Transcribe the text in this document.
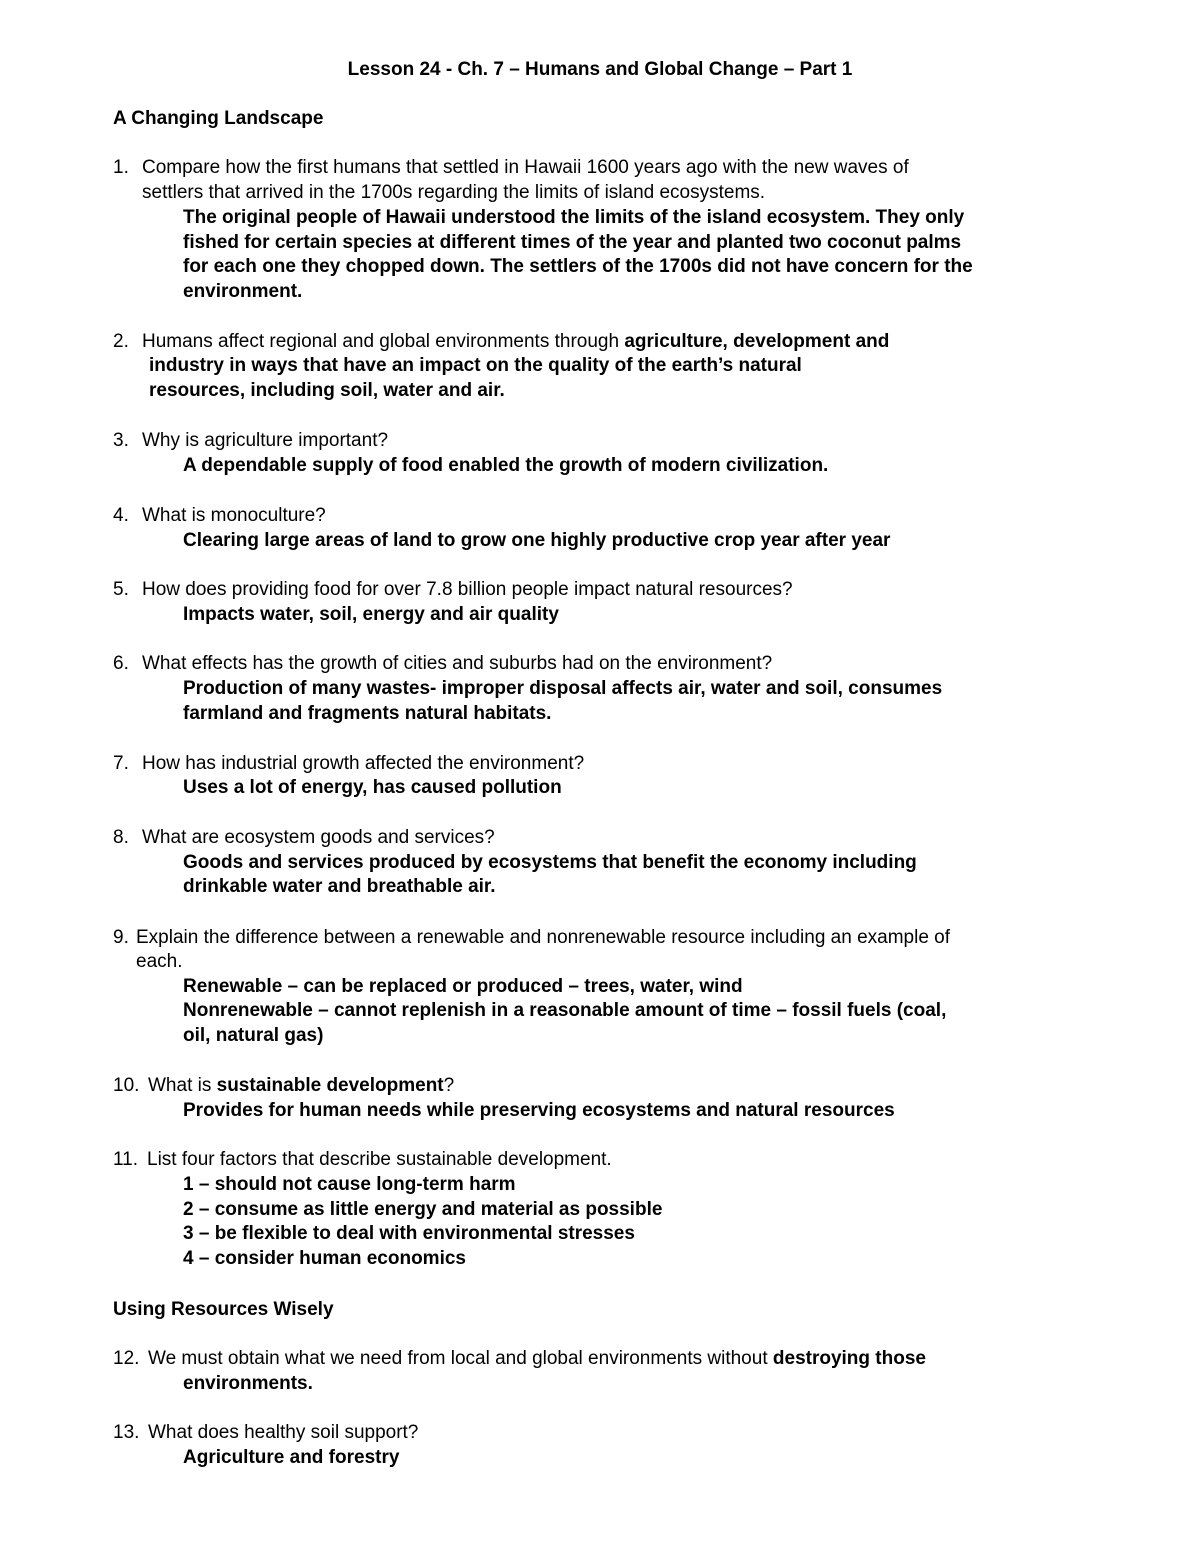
Lesson 24 - Ch. 7 – Humans and Global Change – Part 1
A Changing Landscape
1. Compare how the first humans that settled in Hawaii 1600 years ago with the new waves of
settlers that arrived in the 1700s regarding the limits of island ecosystems.
The original people of Hawaii understood the limits of the island ecosystem. They only
fished for certain species at different times of the year and planted two coconut palms
for each one they chopped down. The settlers of the 1700s did not have concern for the
environment.
2. Humans affect regional and global environments through agriculture, development and
industry in ways that have an impact on the quality of the earth’s natural
resources, including soil, water and air.
3. Why is agriculture important?
A dependable supply of food enabled the growth of modern civilization.
4. What is monoculture?
Clearing large areas of land to grow one highly productive crop year after year
5. How does providing food for over 7.8 billion people impact natural resources?
Impacts water, soil, energy and air quality
6. What effects has the growth of cities and suburbs had on the environment?
Production of many wastes- improper disposal affects air, water and soil, consumes
farmland and fragments natural habitats.
7. How has industrial growth affected the environment?
Uses a lot of energy, has caused pollution
8. What are ecosystem goods and services?
Goods and services produced by ecosystems that benefit the economy including
drinkable water and breathable air.
9. Explain the difference between a renewable and nonrenewable resource including an example of
each.
Renewable – can be replaced or produced – trees, water, wind
Nonrenewable – cannot replenish in a reasonable amount of time – fossil fuels (coal,
oil, natural gas)
10. What is sustainable development?
Provides for human needs while preserving ecosystems and natural resources
11. List four factors that describe sustainable development.
1 – should not cause long-term harm
2 – consume as little energy and material as possible
3 – be flexible to deal with environmental stresses
4 – consider human economics
Using Resources Wisely
12. We must obtain what we need from local and global environments without destroying those
environments.
13. What does healthy soil support?
Agriculture and forestry
